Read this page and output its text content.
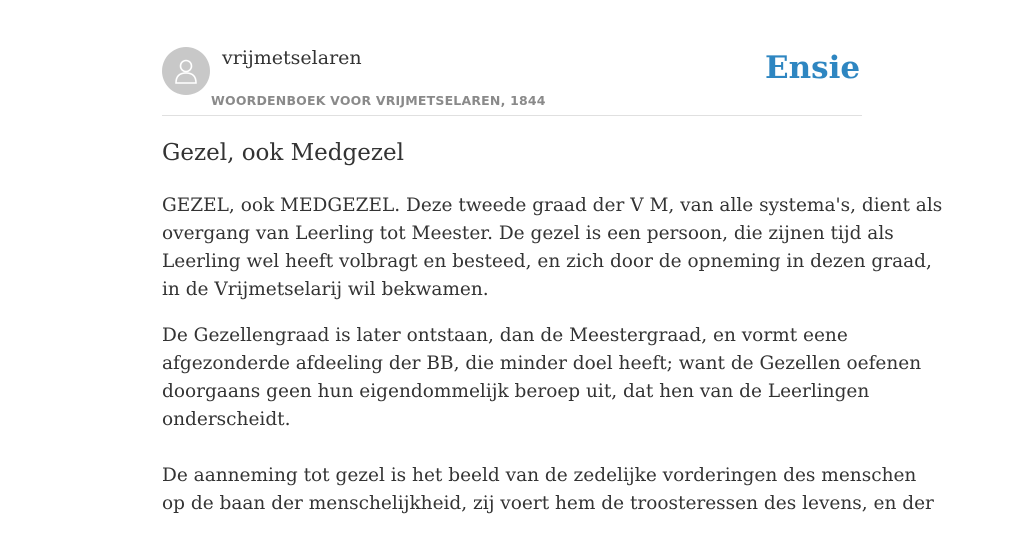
vrijmetselaren
WOORDENBOEK VOOR VRIJMETSELAREN, 1844
Ensie
Gezel, ook Medgezel

GEZEL, ook MEDGEZEL. Deze tweede graad der V M, van alle systema's, dient als
overgang van Leerling tot Meester. De gezel is een persoon, die zijnen tijd als
Leerling wel heeft volbragt en besteed, en zich door de opneming in dezen graad,
in de Vrijmetselarij wil bekwamen.

De Gezellengraad is later ontstaan, dan de Meestergraad, en vormt eene
afgezonderde afdeeling der BB, die minder doel heeft; want de Gezellen oefenen
doorgaans geen hun eigendommelijk beroep uit, dat hen van de Leerlingen
onderscheidt.
De aanneming tot gezel is het beeld van de zedelijke vorderingen des menschen
op de baan der menschelijkheid, zij voert hem de troosteressen des levens, en der
